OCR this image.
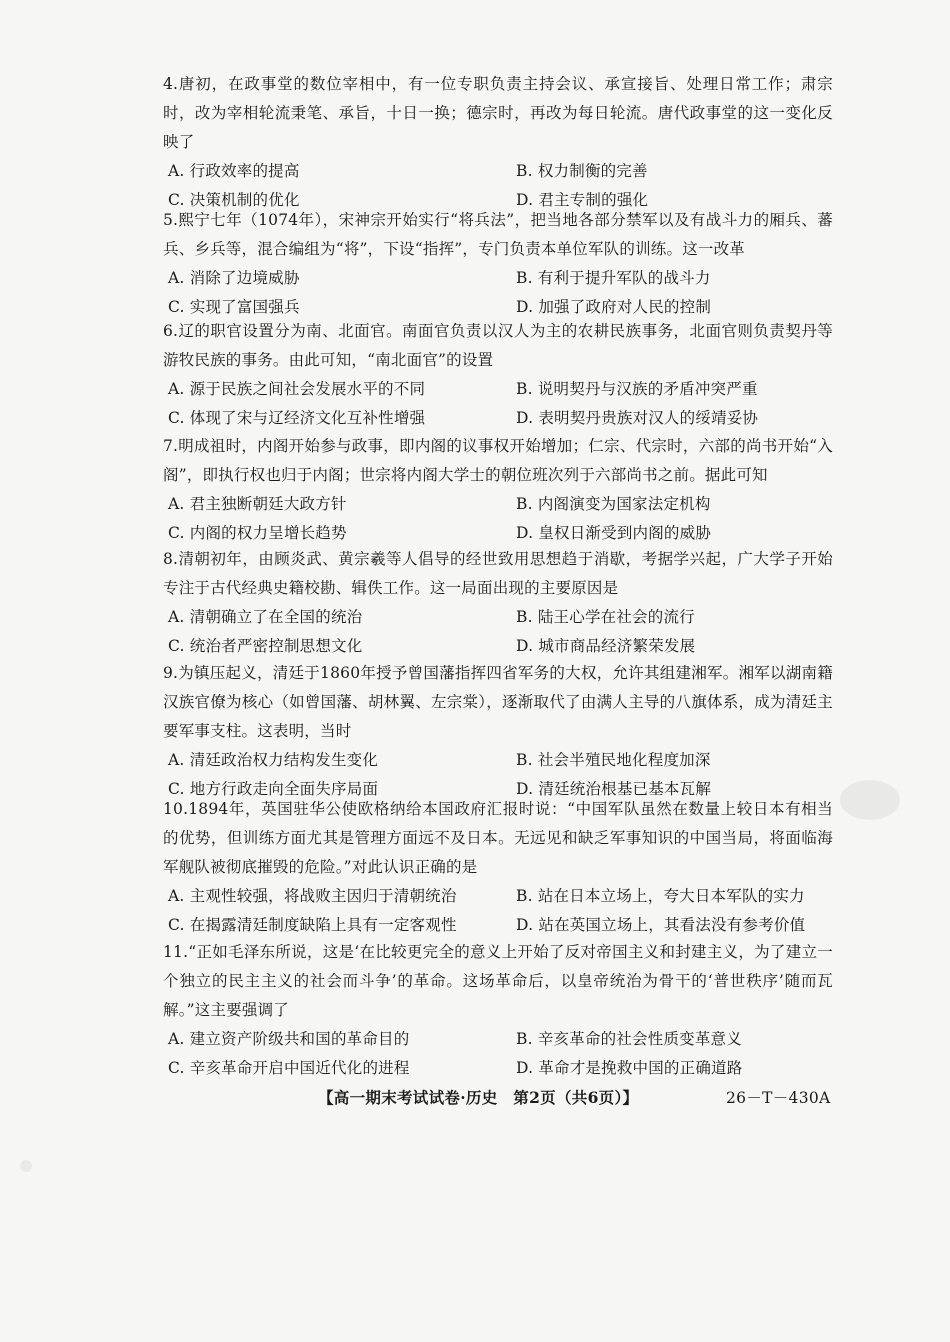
4.唐初，在政事堂的数位宰相中，有一位专职负责主持会议、承宣接旨、处理日常工作；肃宗时，改为宰相轮流秉笔、承旨，十日一换；德宗时，再改为每日轮流。唐代政事堂的这一变化反映了

A. 行政效率的提高	B. 权力制衡的完善
C. 决策机制的优化	D. 君主专制的强化

5.熙宁七年（1074年），宋神宗开始实行“将兵法”，把当地各部分禁军以及有战斗力的厢兵、蕃兵、乡兵等，混合编组为“将”，下设“指挥”，专门负责本单位军队的训练。这一改革

A. 消除了边境威胁	B. 有利于提升军队的战斗力
C. 实现了富国强兵	D. 加强了政府对人民的控制

6.辽的职官设置分为南、北面官。南面官负责以汉人为主的农耕民族事务，北面官则负责契丹等游牧民族的事务。由此可知，“南北面官”的设置

A. 源于民族之间社会发展水平的不同	B. 说明契丹与汉族的矛盾冲突严重
C. 体现了宋与辽经济文化互补性增强	D. 表明契丹贵族对汉人的绥靖妥协

7.明成祖时，内阁开始参与政事，即内阁的议事权开始增加；仁宗、代宗时，六部的尚书开始“入阁”，即执行权也归于内阁；世宗将内阁大学士的朝位班次列于六部尚书之前。据此可知

A. 君主独断朝廷大政方针	B. 内阁演变为国家法定机构
C. 内阁的权力呈增长趋势	D. 皇权日渐受到内阁的威胁

8.清朝初年，由顾炎武、黄宗羲等人倡导的经世致用思想趋于消歇，考据学兴起，广大学子开始专注于古代经典史籍校勘、辑佚工作。这一局面出现的主要原因是

A. 清朝确立了在全国的统治	B. 陆王心学在社会的流行
C. 统治者严密控制思想文化	D. 城市商品经济繁荣发展

9.为镇压起义，清廷于1860年授予曾国藩指挥四省军务的大权，允许其组建湘军。湘军以湖南籍汉族官僚为核心（如曾国藩、胡林翼、左宗棠），逐渐取代了由满人主导的八旗体系，成为清廷主要军事支柱。这表明，当时

A. 清廷政治权力结构发生变化	B. 社会半殖民地化程度加深
C. 地方行政走向全面失序局面	D. 清廷统治根基已基本瓦解

10.1894年，英国驻华公使欧格纳给本国政府汇报时说：“中国军队虽然在数量上较日本有相当的优势，但训练方面尤其是管理方面远不及日本。无远见和缺乏军事知识的中国当局，将面临海军舰队被彻底摧毁的危险。”对此认识正确的是

A. 主观性较强，将战败主因归于清朝统治	B. 站在日本立场上，夸大日本军队的实力
C. 在揭露清廷制度缺陷上具有一定客观性	D. 站在英国立场上，其看法没有参考价值

11.“正如毛泽东所说，这是‘在比较更完全的意义上开始了反对帝国主义和封建主义，为了建立一个独立的民主主义的社会而斗争’的革命。这场革命后，以皇帝统治为骨干的‘普世秩序’随而瓦解。”这主要强调了

A. 建立资产阶级共和国的革命目的	B. 辛亥革命的社会性质变革意义
C. 辛亥革命开启中国近代化的进程	D. 革命才是挽救中国的正确道路
【高一期末考试试卷·历史　第2页（共6页）】	26－T－430A
